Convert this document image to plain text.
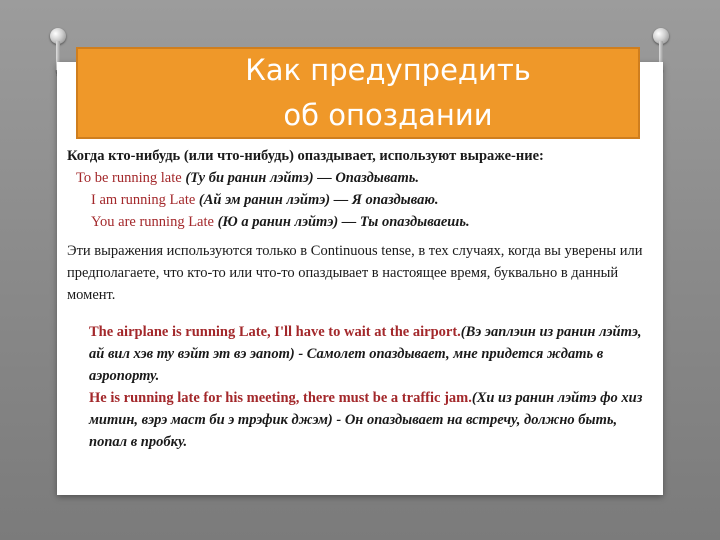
Как предупредить об опоздании

Когда кто-нибудь (или что-нибудь) опаздывает, используют выраже-ние:

To be running late (Ту би ранин лэйтэ) — Опаздывать.

I am running Late (Ай эм ранин лэйтэ) — Я опаздываю.

You are running Late (Ю а ранин лэйтэ) — Ты опаздываешь.

Эти выражения используются только в Continuous tense, в тех случаях, когда вы уверены или предполагаете, что кто-то или что-то опаздывает в настоящее время, буквально в данный момент.

The airplane is running Late, I'll have to wait at the airport.(Вэ эаплэин из ранин лэйтэ, ай вил хэв ту вэйт эт вэ эапот) - Самолет опаздывает, мне придется ждать в аэропорту.

He is running late for his meeting, there must be a traffic jam.(Хи из ранин лэйтэ фо хиз митин, вэрэ маст би э трэфик джэм) - Он опаздывает на встречу, должно быть, попал в пробку.
